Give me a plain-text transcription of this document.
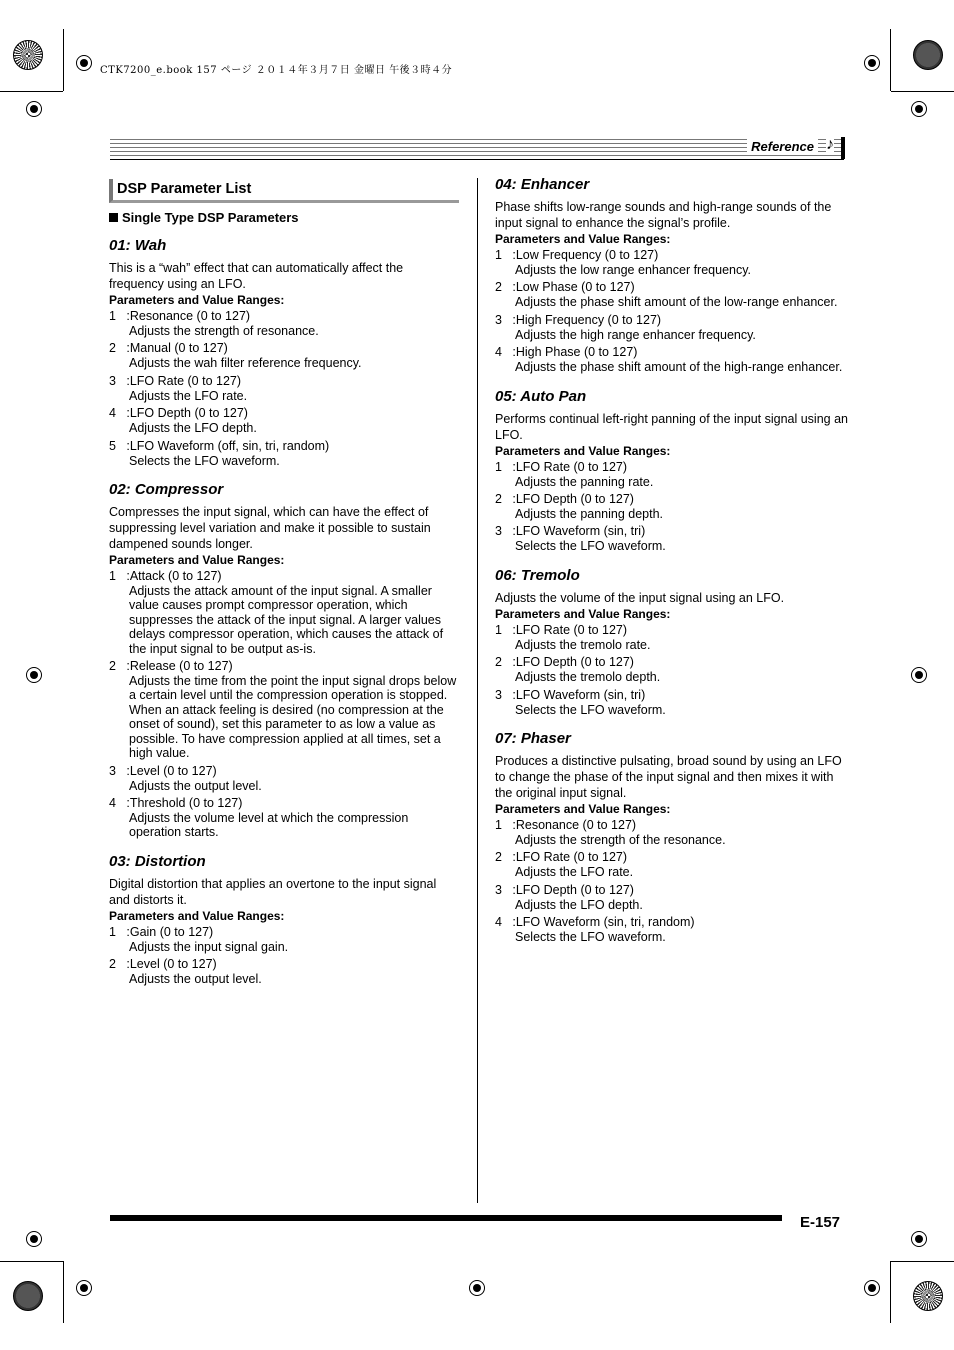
CTK7200_e.book 157 ページ ２０１４年３月７日 金曜日 午後３時４分
Reference ♪
DSP Parameter List
Single Type DSP Parameters
01: Wah

This is a “wah” effect that can automatically affect the frequency using an LFO.

Parameters and Value Ranges:
1   :Resonance (0 to 127)
Adjusts the strength of resonance.
2   :Manual (0 to 127)
Adjusts the wah filter reference frequency.
3   :LFO Rate (0 to 127)
Adjusts the LFO rate.
4   :LFO Depth (0 to 127)
Adjusts the LFO depth.
5   :LFO Waveform (off, sin, tri, random)
Selects the LFO waveform.
02: Compressor

Compresses the input signal, which can have the effect of suppressing level variation and make it possible to sustain dampened sounds longer.

Parameters and Value Ranges:
1   :Attack (0 to 127)
Adjusts the attack amount of the input signal. A smaller value causes prompt compressor operation, which suppresses the attack of the input signal. A larger values delays compressor operation, which causes the attack of the input signal to be output as-is.
2   :Release (0 to 127)
Adjusts the time from the point the input signal drops below a certain level until the compression operation is stopped. When an attack feeling is desired (no compression at the onset of sound), set this parameter to as low a value as possible. To have compression applied at all times, set a high value.
3   :Level (0 to 127)
Adjusts the output level.
4   :Threshold (0 to 127)
Adjusts the volume level at which the compression operation starts.
03: Distortion

Digital distortion that applies an overtone to the input signal and distorts it.

Parameters and Value Ranges:
1   :Gain (0 to 127)
Adjusts the input signal gain.
2   :Level (0 to 127)
Adjusts the output level.
04: Enhancer

Phase shifts low-range sounds and high-range sounds of the input signal to enhance the signal’s profile.

Parameters and Value Ranges:
1   :Low Frequency (0 to 127)
Adjusts the low range enhancer frequency.
2   :Low Phase (0 to 127)
Adjusts the phase shift amount of the low-range enhancer.
3   :High Frequency (0 to 127)
Adjusts the high range enhancer frequency.
4   :High Phase (0 to 127)
Adjusts the phase shift amount of the high-range enhancer.
05: Auto Pan

Performs continual left-right panning of the input signal using an LFO.

Parameters and Value Ranges:
1   :LFO Rate (0 to 127)
Adjusts the panning rate.
2   :LFO Depth (0 to 127)
Adjusts the panning depth.
3   :LFO Waveform (sin, tri)
Selects the LFO waveform.
06: Tremolo

Adjusts the volume of the input signal using an LFO.

Parameters and Value Ranges:
1   :LFO Rate (0 to 127)
Adjusts the tremolo rate.
2   :LFO Depth (0 to 127)
Adjusts the tremolo depth.
3   :LFO Waveform (sin, tri)
Selects the LFO waveform.
07: Phaser

Produces a distinctive pulsating, broad sound by using an LFO to change the phase of the input signal and then mixes it with the original input signal.

Parameters and Value Ranges:
1   :Resonance (0 to 127)
Adjusts the strength of the resonance.
2   :LFO Rate (0 to 127)
Adjusts the LFO rate.
3   :LFO Depth (0 to 127)
Adjusts the LFO depth.
4   :LFO Waveform (sin, tri, random)
Selects the LFO waveform.
E-157
